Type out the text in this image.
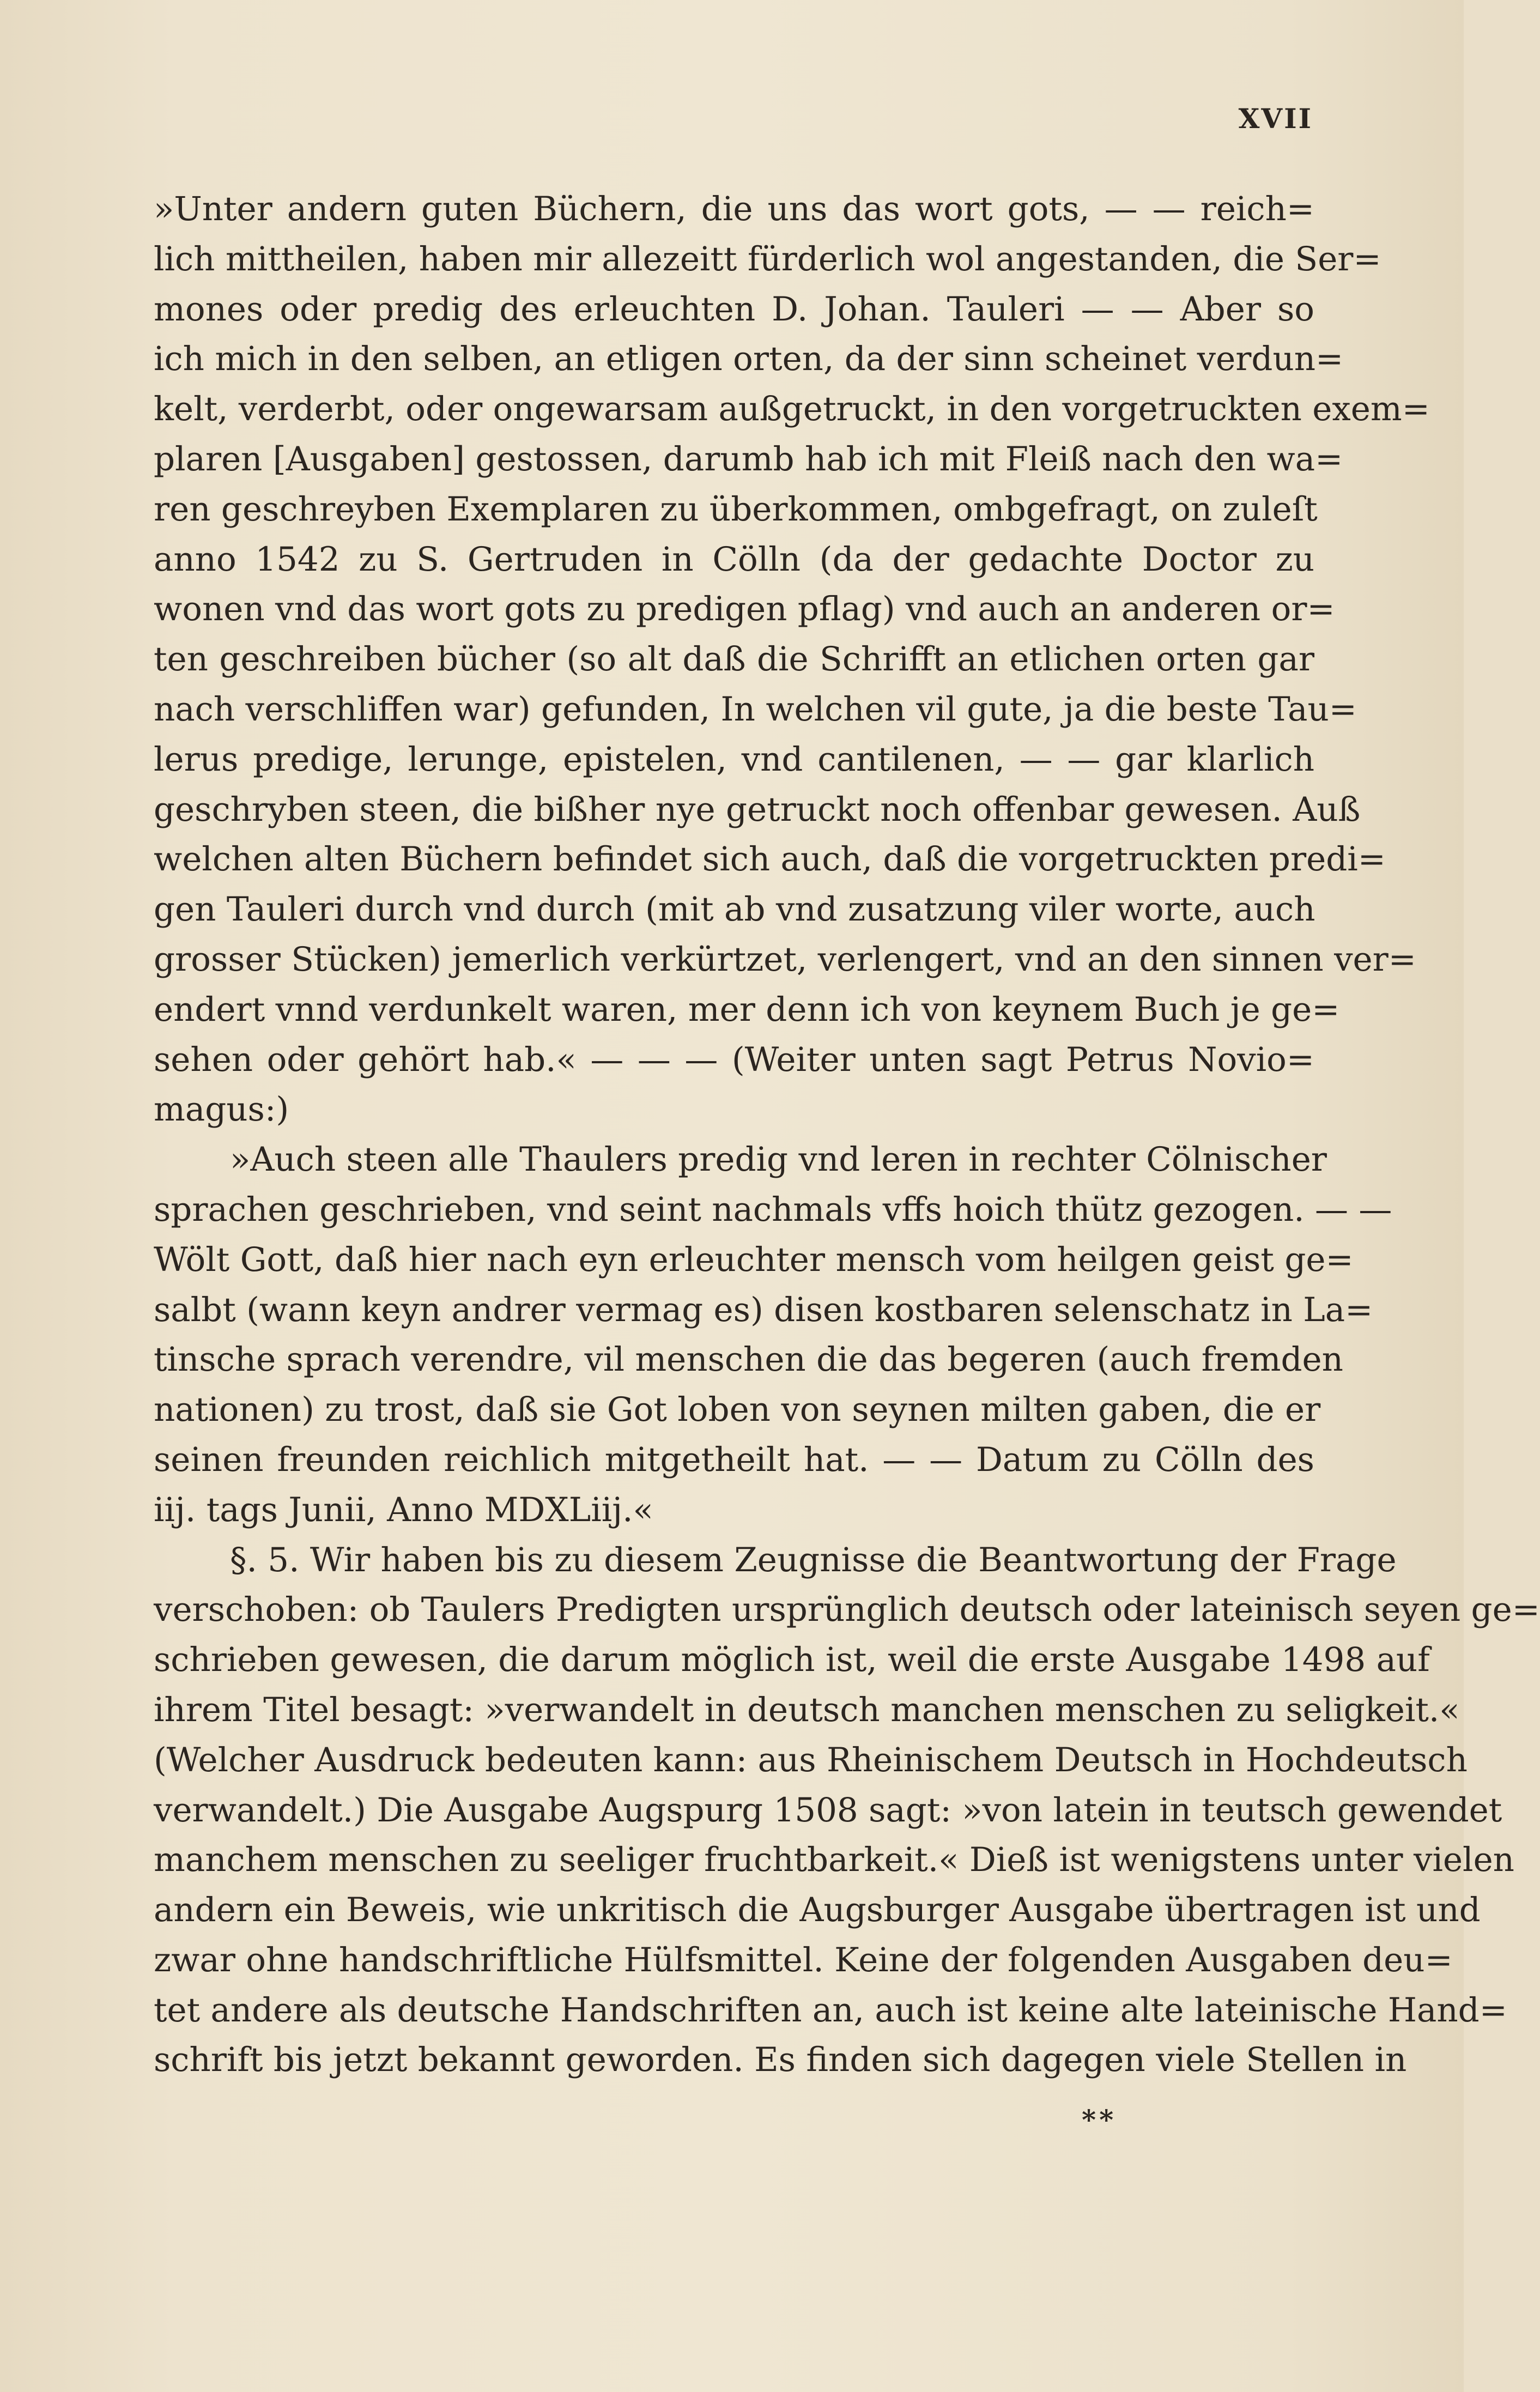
XVII
»Unter andern guten Büchern, die uns das wort gots, — — reich=
lich mittheilen, haben mir allezeitt fürderlich wol angestanden, die Ser=
mones oder predig des erleuchten D. Johan. Tauleri — — Aber so
ich mich in den selben, an etligen orten, da der sinn scheinet verdun=
kelt, verderbt, oder ongewarsam außgetruckt, in den vorgetruckten exem=
plaren [Ausgaben] gestossen, darumb hab ich mit Fleiß nach den wa=
ren geschreyben Exemplaren zu überkommen, ombgefragt, on zuleſt
anno 1542 zu S. Gertruden in Cölln (da der gedachte Doctor zu
wonen vnd das wort gots zu predigen pflag) vnd auch an anderen or=
ten geschreiben bücher (so alt daß die Schrifft an etlichen orten gar
nach verschliffen war) gefunden, In welchen vil gute, ja die beste Tau=
lerus predige, lerunge, epistelen, vnd cantilenen, — — gar klarlich
geschryben steen, die bißher nye getruckt noch offenbar gewesen. Auß
welchen alten Büchern befindet sich auch, daß die vorgetruckten predi=
gen Tauleri durch vnd durch (mit ab vnd zusatzung viler worte, auch
grosser Stücken) jemerlich verkürtzet, verlengert, vnd an den sinnen ver=
endert vnnd verdunkelt waren, mer denn ich von keynem Buch je ge=
sehen oder gehört hab.« — — — (Weiter unten sagt Petrus Novio=
magus:)
»Auch steen alle Thaulers predig vnd leren in rechter Cölnischer
sprachen geschrieben, vnd seint nachmals vffs hoich thütz gezogen. — —
Wölt Gott, daß hier nach eyn erleuchter mensch vom heilgen geist ge=
salbt (wann keyn andrer vermag es) disen kostbaren selenschatz in La=
tinsche sprach verendre, vil menschen die das begeren (auch fremden
nationen) zu trost, daß sie Got loben von seynen milten gaben, die er
seinen freunden reichlich mitgetheilt hat. — — Datum zu Cölln des
iij. tags Junii, Anno MDXLiij.«
§. 5. Wir haben bis zu diesem Zeugnisse die Beantwortung der Frage
verschoben: ob Taulers Predigten ursprünglich deutsch oder lateinisch seyen ge=
schrieben gewesen, die darum möglich ist, weil die erste Ausgabe 1498 auf
ihrem Titel besagt: »verwandelt in deutsch manchen menschen zu seligkeit.«
(Welcher Ausdruck bedeuten kann: aus Rheinischem Deutsch in Hochdeutsch
verwandelt.) Die Ausgabe Augspurg 1508 sagt: »von latein in teutsch gewendet
manchem menschen zu seeliger fruchtbarkeit.« Dieß ist wenigstens unter vielen
andern ein Beweis, wie unkritisch die Augsburger Ausgabe übertragen ist und
zwar ohne handschriftliche Hülfsmittel. Keine der folgenden Ausgaben deu=
tet andere als deutsche Handschriften an, auch ist keine alte lateinische Hand=
schrift bis jetzt bekannt geworden. Es finden sich dagegen viele Stellen in
**
